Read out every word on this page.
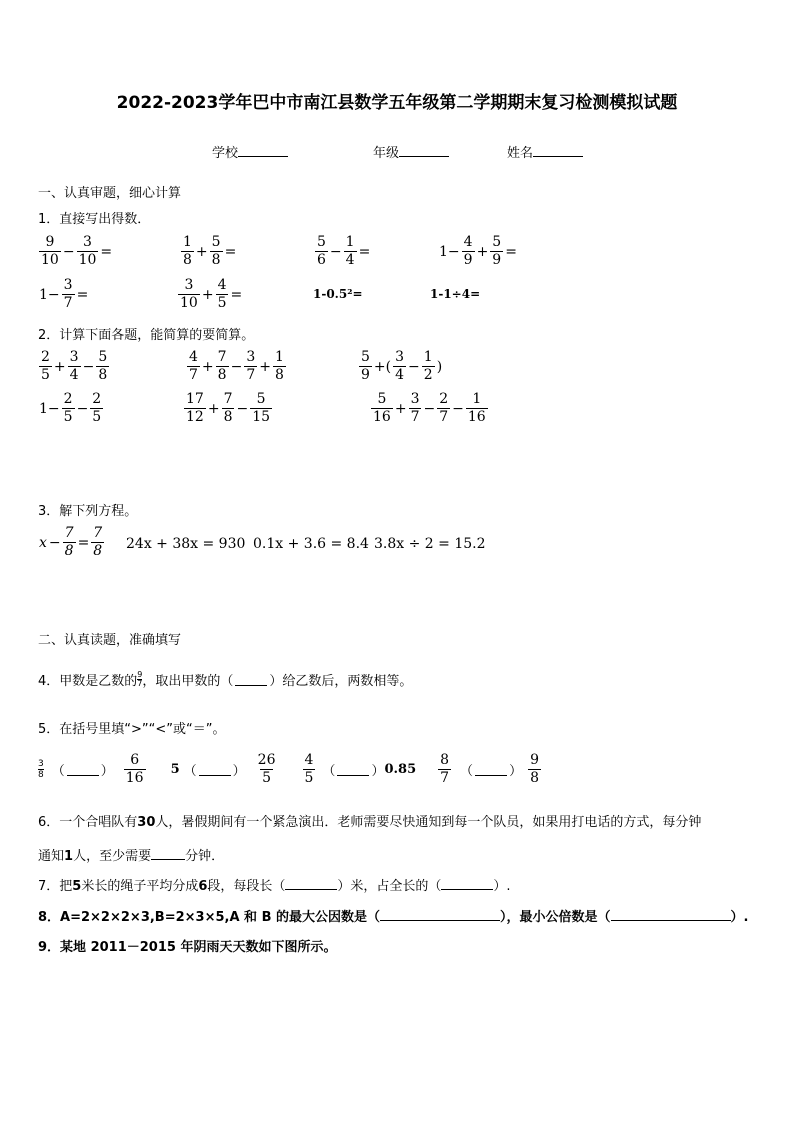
2022-2023学年巴中市南江县数学五年级第二学期期末复习检测模拟试题
学校	年级	姓名
一、认真审题，细心计算
1．直接写出得数．
$\frac{9}{10} - \frac{3}{10}$ =	$\frac{1}{8} + \frac{5}{8}$ =	$\frac{5}{6} - \frac{1}{4}$ =	$1- \frac{4}{9} + \frac{5}{9}$ =
$1- \frac{3}{7}$ =	$\frac{3}{10} + \frac{4}{5}$ =	1-0.5²=	1-1÷4=
2．计算下面各题，能简算的要简算。
$\frac{2}{5} + \frac{3}{4} - \frac{5}{8}$	$\frac{4}{7} + \frac{7}{8} - \frac{3}{7} + \frac{1}{8}$	$\frac{5}{9}$ +( $\frac{3}{4} - \frac{1}{2}$ )
$1- \frac{2}{5} - \frac{2}{5}$	$\frac{17}{12} + \frac{7}{8} - \frac{5}{15}$	$\frac{5}{16} + \frac{3}{7} - \frac{2}{7} - \frac{1}{16}$
3．解下列方程。
$x - \frac{7}{8} = \frac{7}{8} 24x + 38x = 930$ 0.1x + 3.6 = 8.4 3.8x ÷ 2 = 15.2
二、认真读题，准确填写
4．甲数是乙数的 $\frac{9}{7}$ ，取出甲数的（	）给乙数后，两数相等。
5．在括号里填“>”“<”或“＝”。
$\frac{3}{8}$ （	） $\frac{6}{16} 5$ （	） $\frac{26}{5} \frac{4}{5}$ （	） $0.85 \frac{8}{7}$ （	） $\frac{9}{8}$
6．一个合唱队有30人，暑假期间有一个紧急演出．老师需要尽快通知到每一个队员，如果用打电话的方式，每分钟
通知1人，至少需要	分钟．
7．把5米长的绳子平均分成6段，每段长（	）米，占全长的（	）.
8．A=2×2×2×3,B=2×3×5,A 和 B 的最大公因数是（	），最小公倍数是（	）.
9．某地 2011－2015 年阴雨天天数如下图所示。
